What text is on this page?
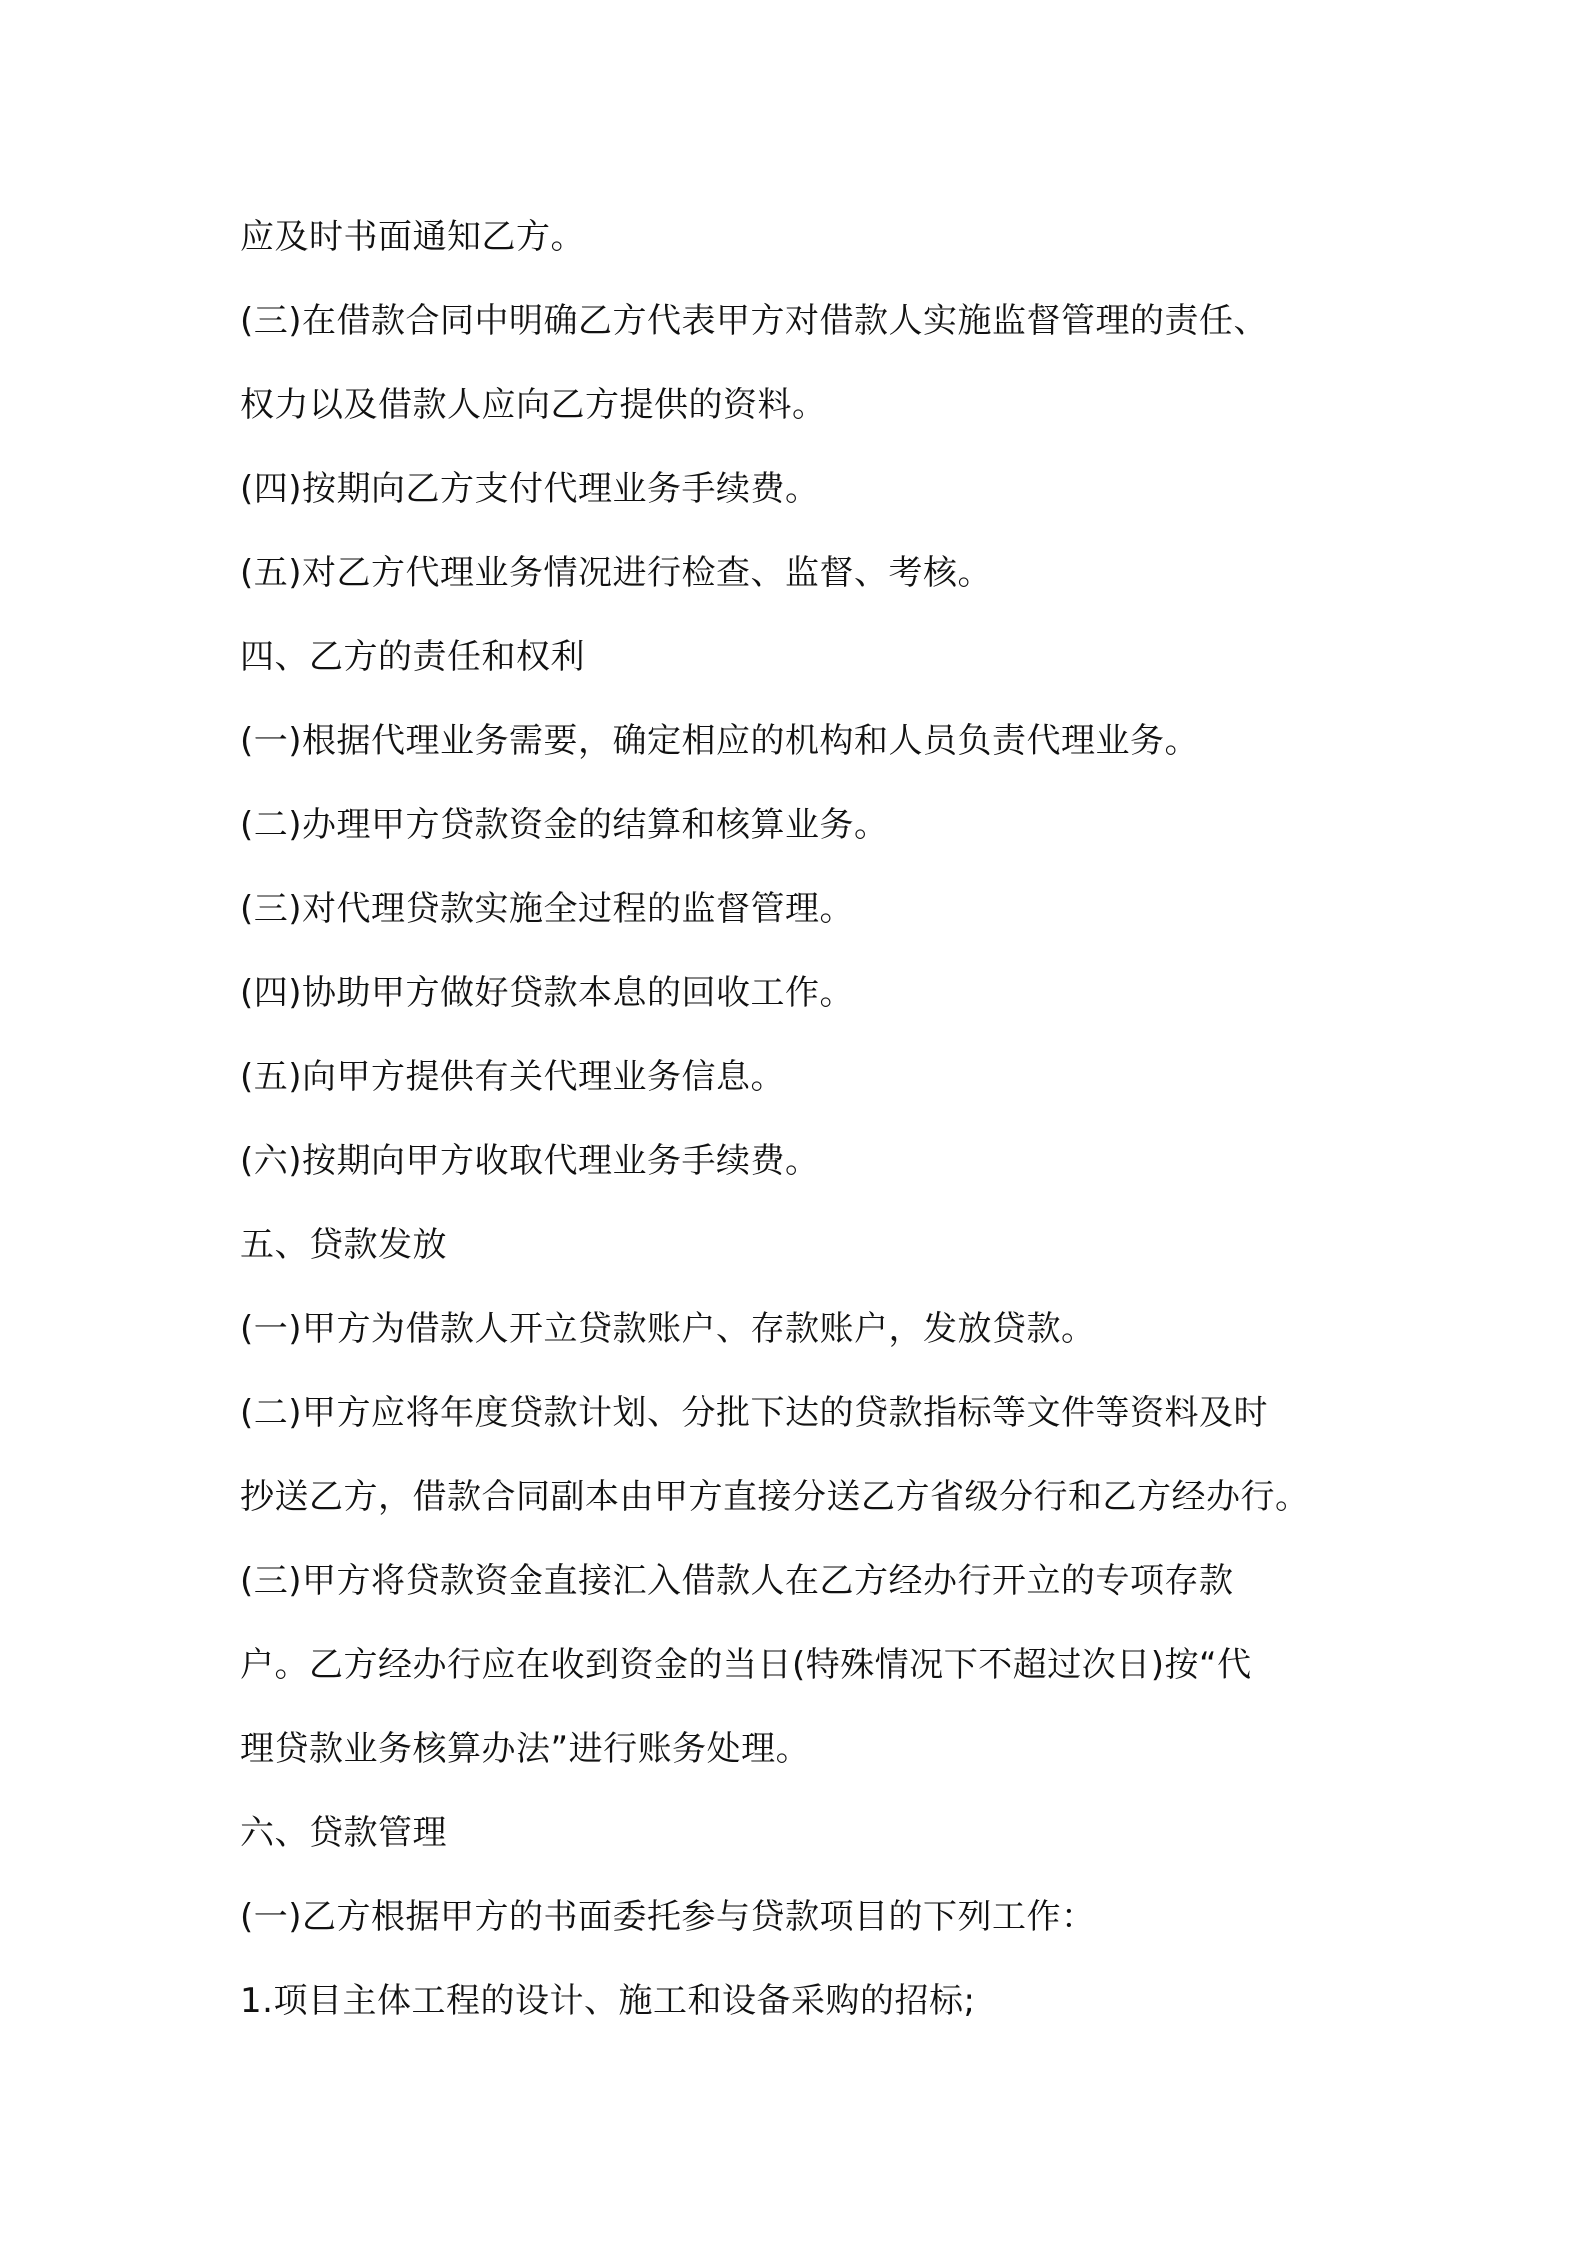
应及时书面通知乙方。
(三)在借款合同中明确乙方代表甲方对借款人实施监督管理的责任、
权力以及借款人应向乙方提供的资料。
(四)按期向乙方支付代理业务手续费。
(五)对乙方代理业务情况进行检查、监督、考核。
四、乙方的责任和权利
(一)根据代理业务需要，确定相应的机构和人员负责代理业务。
(二)办理甲方贷款资金的结算和核算业务。
(三)对代理贷款实施全过程的监督管理。
(四)协助甲方做好贷款本息的回收工作。
(五)向甲方提供有关代理业务信息。
(六)按期向甲方收取代理业务手续费。
五、贷款发放
(一)甲方为借款人开立贷款账户、存款账户，发放贷款。
(二)甲方应将年度贷款计划、分批下达的贷款指标等文件等资料及时
抄送乙方，借款合同副本由甲方直接分送乙方省级分行和乙方经办行。
(三)甲方将贷款资金直接汇入借款人在乙方经办行开立的专项存款
户。乙方经办行应在收到资金的当日(特殊情况下不超过次日)按“代
理贷款业务核算办法”进行账务处理。
六、贷款管理
(一)乙方根据甲方的书面委托参与贷款项目的下列工作：
1.项目主体工程的设计、施工和设备采购的招标;
